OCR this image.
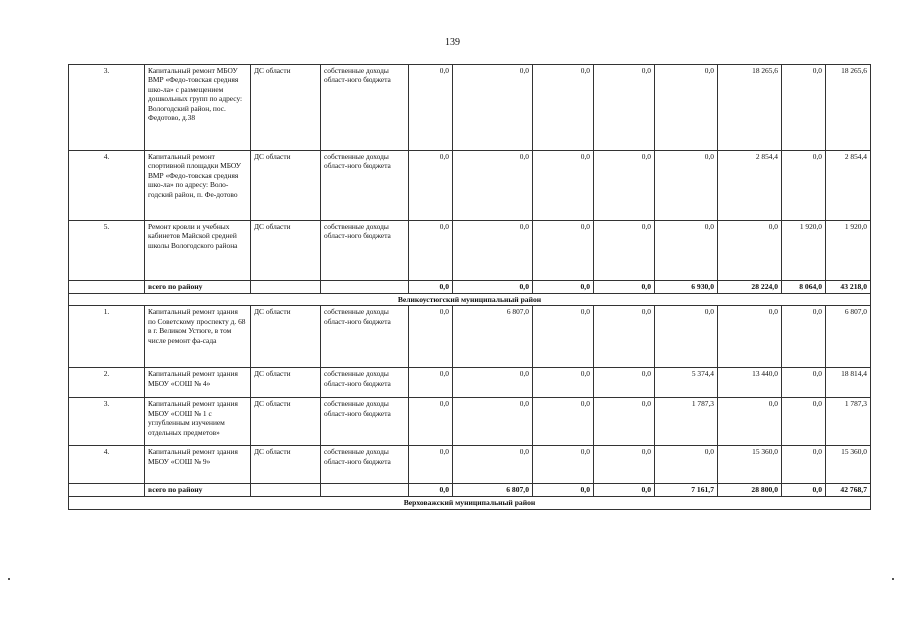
139
3.	Капитальный ремонт МБОУ ВМР «Федо-товская средняя шко-ла» с размещением дошкольных групп по адресу: Вологодский район, пос. Федотово, д.38	ДС области	собственные доходы област-ного бюджета	0,0	0,0	0,0	0,0	0,0	18 265,6	0,0	18 265,6
4.	Капитальный ремонт спортивной площадки МБОУ ВМР «Федо-товская средняя шко-ла» по адресу: Воло-годский район, п. Фе-дотово	ДС области	собственные доходы област-ного бюджета	0,0	0,0	0,0	0,0	0,0	2 854,4	0,0	2 854,4
5.	Ремонт кровли и учебных кабинетов Майской средней школы Вологодского района	ДС области	собственные доходы област-ного бюджета	0,0	0,0	0,0	0,0	0,0	0,0	1 920,0	1 920,0
	всего по району			0,0	0,0	0,0	0,0	6 930,0	28 224,0	8 064,0	43 218,0
Великоустюгский муниципальный район											
1.	Капитальный ремонт здания по Советскому проспекту д. 68 в г. Великом Устюге, в том числе ремонт фа-сада	ДС области	собственные доходы област-ного бюджета	0,0	6 807,0	0,0	0,0	0,0	0,0	0,0	6 807,0
2.	Капитальный ремонт здания МБОУ «СОШ № 4»	ДС области	собственные доходы област-ного бюджета	0,0	0,0	0,0	0,0	5 374,4	13 440,0	0,0	18 814,4
3.	Капитальный ремонт здания МБОУ «СОШ № 1 с углубленным изучением отдельных предметов»	ДС области	собственные доходы област-ного бюджета	0,0	0,0	0,0	0,0	1 787,3	0,0	0,0	1 787,3
4.	Капитальный ремонт здания МБОУ «СОШ № 9»	ДС области	собственные доходы област-ного бюджета	0,0	0,0	0,0	0,0	0,0	15 360,0	0,0	15 360,0
	всего по району			0,0	6 807,0	0,0	0,0	7 161,7	28 800,0	0,0	42 768,7
Верховажский муниципальный район											
